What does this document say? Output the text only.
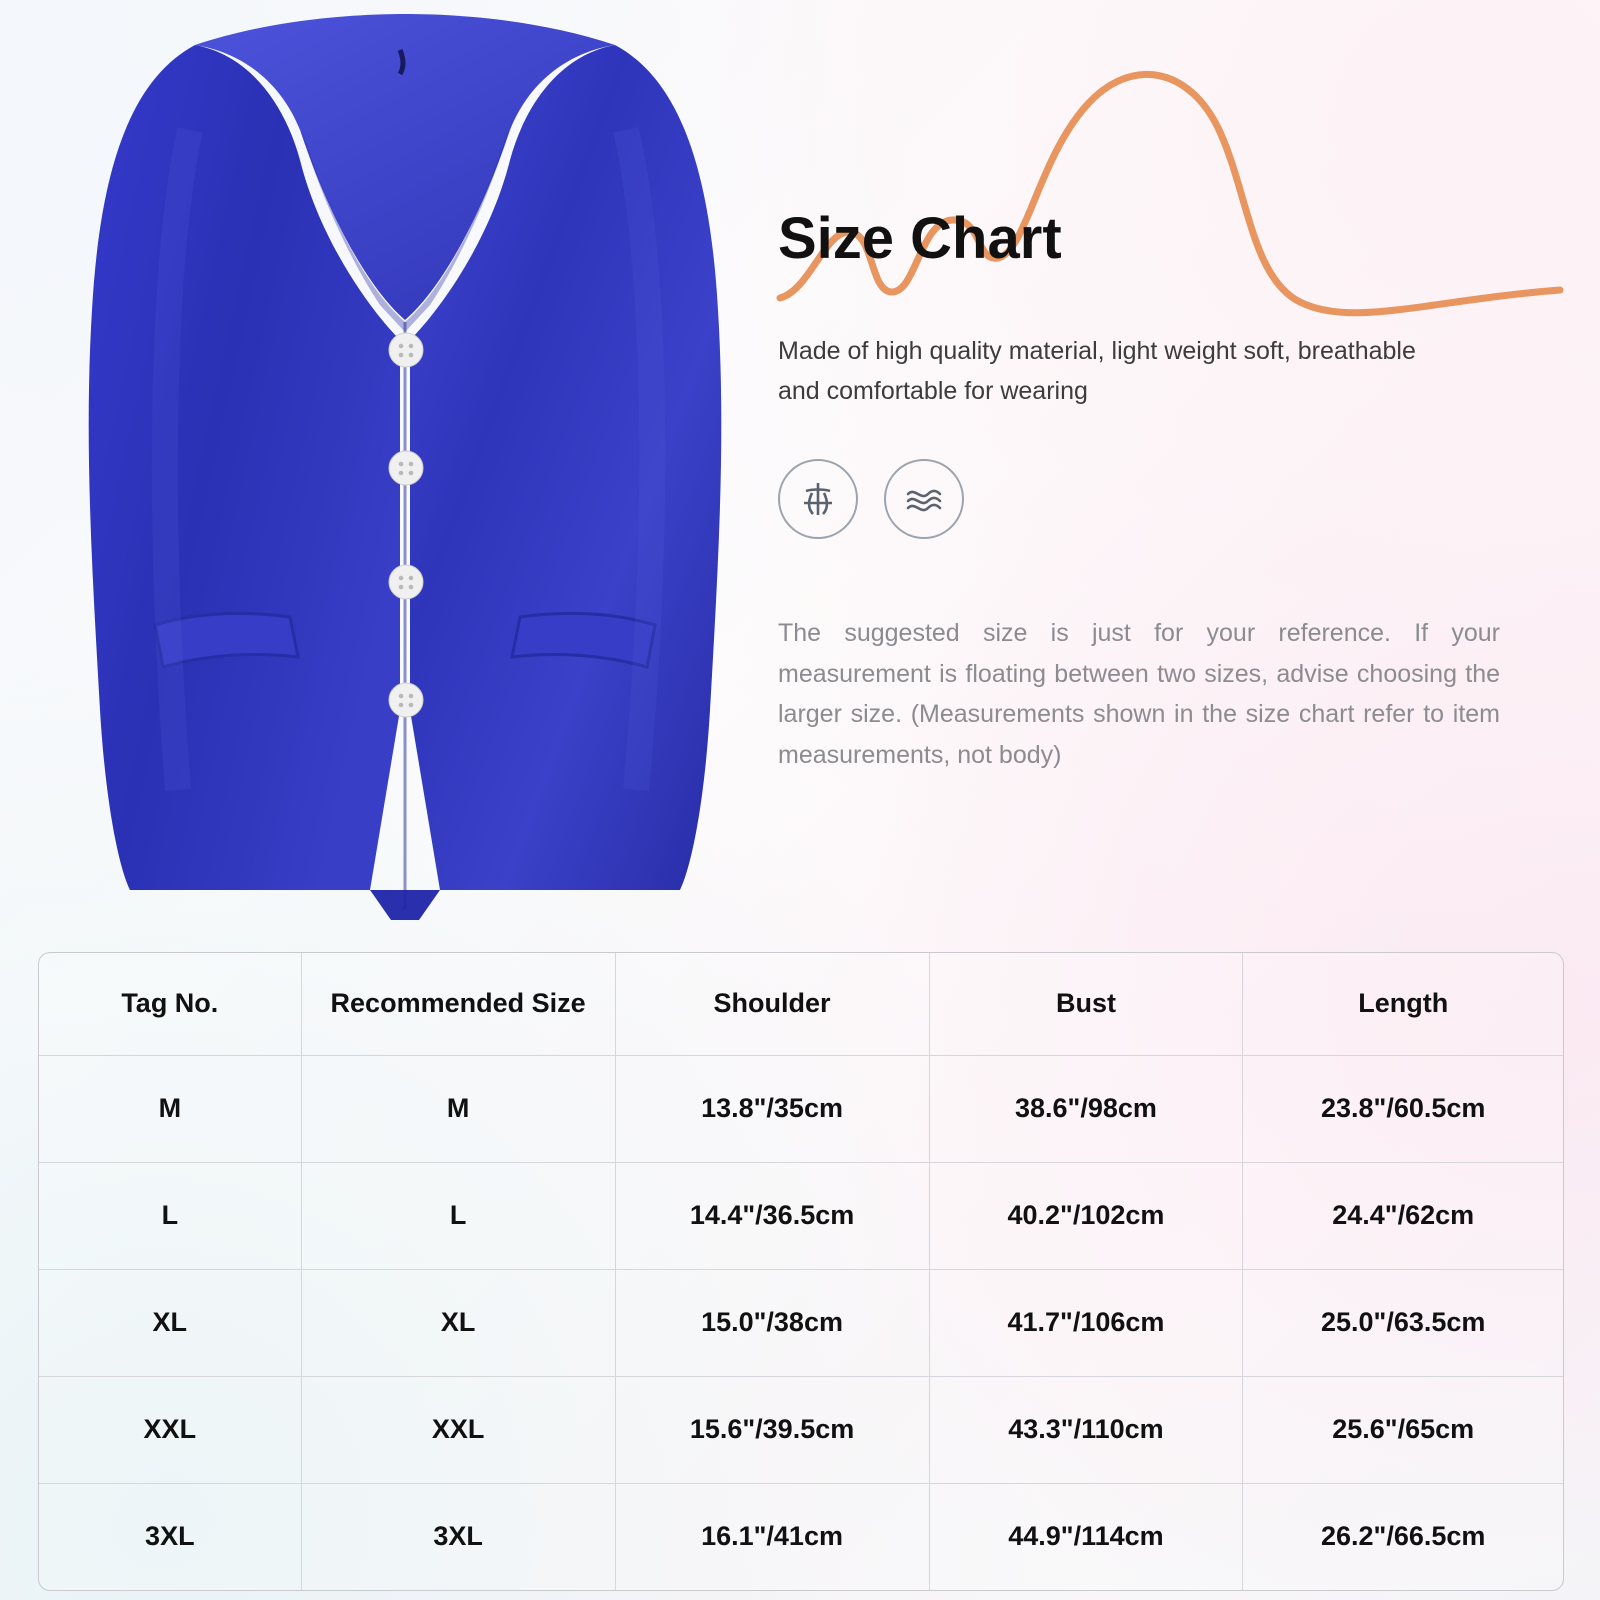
Size Chart

Made of high quality material, light weight soft, breathable and comfortable for wearing

The suggested size is just for your reference. If your measurement is floating between two sizes, advise choosing the larger size. (Measurements shown in the size chart refer to item measurements, not body)

Tag No.	Recommended Size	Shoulder	Bust	Length
M	M	13.8"/35cm	38.6"/98cm	23.8"/60.5cm
L	L	14.4"/36.5cm	40.2"/102cm	24.4"/62cm
XL	XL	15.0"/38cm	41.7"/106cm	25.0"/63.5cm
XXL	XXL	15.6"/39.5cm	43.3"/110cm	25.6"/65cm
3XL	3XL	16.1"/41cm	44.9"/114cm	26.2"/66.5cm
